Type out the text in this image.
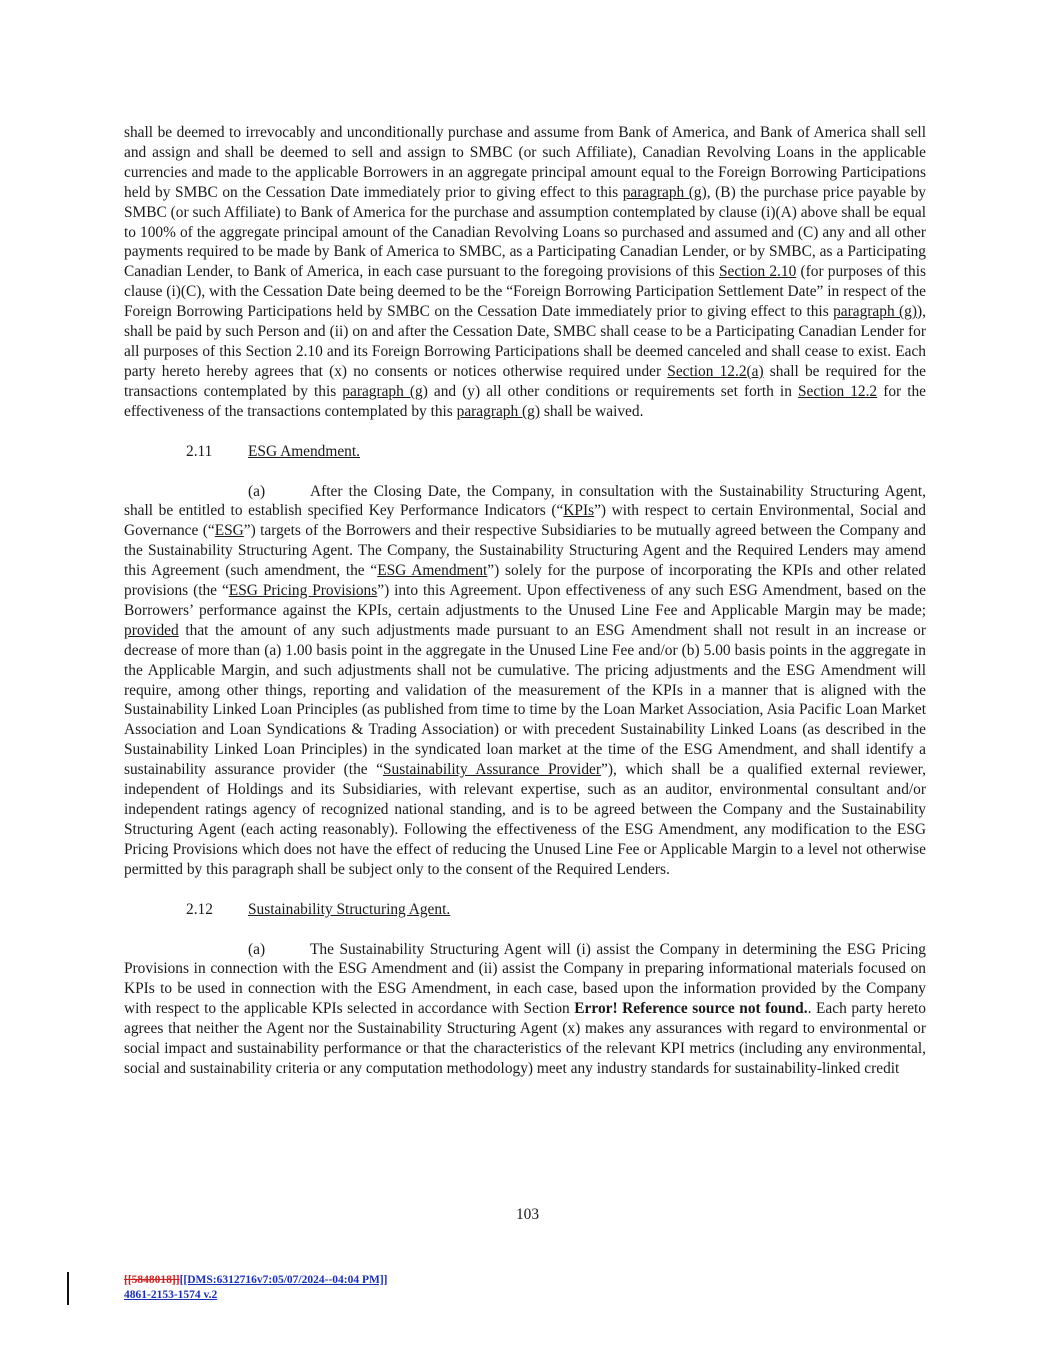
shall be deemed to irrevocably and unconditionally purchase and assume from Bank of America, and Bank of America shall sell and assign and shall be deemed to sell and assign to SMBC (or such Affiliate), Canadian Revolving Loans in the applicable currencies and made to the applicable Borrowers in an aggregate principal amount equal to the Foreign Borrowing Participations held by SMBC on the Cessation Date immediately prior to giving effect to this paragraph (g), (B) the purchase price payable by SMBC (or such Affiliate) to Bank of America for the purchase and assumption contemplated by clause (i)(A) above shall be equal to 100% of the aggregate principal amount of the Canadian Revolving Loans so purchased and assumed and (C) any and all other payments required to be made by Bank of America to SMBC, as a Participating Canadian Lender, or by SMBC, as a Participating Canadian Lender, to Bank of America, in each case pursuant to the foregoing provisions of this Section 2.10 (for purposes of this clause (i)(C), with the Cessation Date being deemed to be the “Foreign Borrowing Participation Settlement Date” in respect of the Foreign Borrowing Participations held by SMBC on the Cessation Date immediately prior to giving effect to this paragraph (g)), shall be paid by such Person and (ii) on and after the Cessation Date, SMBC shall cease to be a Participating Canadian Lender for all purposes of this Section 2.10 and its Foreign Borrowing Participations shall be deemed canceled and shall cease to exist. Each party hereto hereby agrees that (x) no consents or notices otherwise required under Section 12.2(a) shall be required for the transactions contemplated by this paragraph (g) and (y) all other conditions or requirements set forth in Section 12.2 for the effectiveness of the transactions contemplated by this paragraph (g) shall be waived.

2.11	ESG Amendment.

(a)	After the Closing Date, the Company, in consultation with the Sustainability Structuring Agent, shall be entitled to establish specified Key Performance Indicators (“KPIs”) with respect to certain Environmental, Social and Governance (“ESG”) targets of the Borrowers and their respective Subsidiaries to be mutually agreed between the Company and the Sustainability Structuring Agent. The Company, the Sustainability Structuring Agent and the Required Lenders may amend this Agreement (such amendment, the “ESG Amendment”) solely for the purpose of incorporating the KPIs and other related provisions (the “ESG Pricing Provisions”) into this Agreement. Upon effectiveness of any such ESG Amendment, based on the Borrowers’ performance against the KPIs, certain adjustments to the Unused Line Fee and Applicable Margin may be made; provided that the amount of any such adjustments made pursuant to an ESG Amendment shall not result in an increase or decrease of more than (a) 1.00 basis point in the aggregate in the Unused Line Fee and/or (b) 5.00 basis points in the aggregate in the Applicable Margin, and such adjustments shall not be cumulative. The pricing adjustments and the ESG Amendment will require, among other things, reporting and validation of the measurement of the KPIs in a manner that is aligned with the Sustainability Linked Loan Principles (as published from time to time by the Loan Market Association, Asia Pacific Loan Market Association and Loan Syndications & Trading Association) or with precedent Sustainability Linked Loans (as described in the Sustainability Linked Loan Principles) in the syndicated loan market at the time of the ESG Amendment, and shall identify a sustainability assurance provider (the “Sustainability Assurance Provider”), which shall be a qualified external reviewer, independent of Holdings and its Subsidiaries, with relevant expertise, such as an auditor, environmental consultant and/or independent ratings agency of recognized national standing, and is to be agreed between the Company and the Sustainability Structuring Agent (each acting reasonably). Following the effectiveness of the ESG Amendment, any modification to the ESG Pricing Provisions which does not have the effect of reducing the Unused Line Fee or Applicable Margin to a level not otherwise permitted by this paragraph shall be subject only to the consent of the Required Lenders.

2.12	Sustainability Structuring Agent.

(a)	The Sustainability Structuring Agent will (i) assist the Company in determining the ESG Pricing Provisions in connection with the ESG Amendment and (ii) assist the Company in preparing informational materials focused on KPIs to be used in connection with the ESG Amendment, in each case, based upon the information provided by the Company with respect to the applicable KPIs selected in accordance with Section Error! Reference source not found.. Each party hereto agrees that neither the Agent nor the Sustainability Structuring Agent (x) makes any assurances with regard to environmental or social impact and sustainability performance or that the characteristics of the relevant KPI metrics (including any environmental, social and sustainability criteria or any computation methodology) meet any industry standards for sustainability-linked credit

103
[[5848018]][[DMS:6312716v7:05/07/2024--04:04 PM]]
4861-2153-1574 v.2
